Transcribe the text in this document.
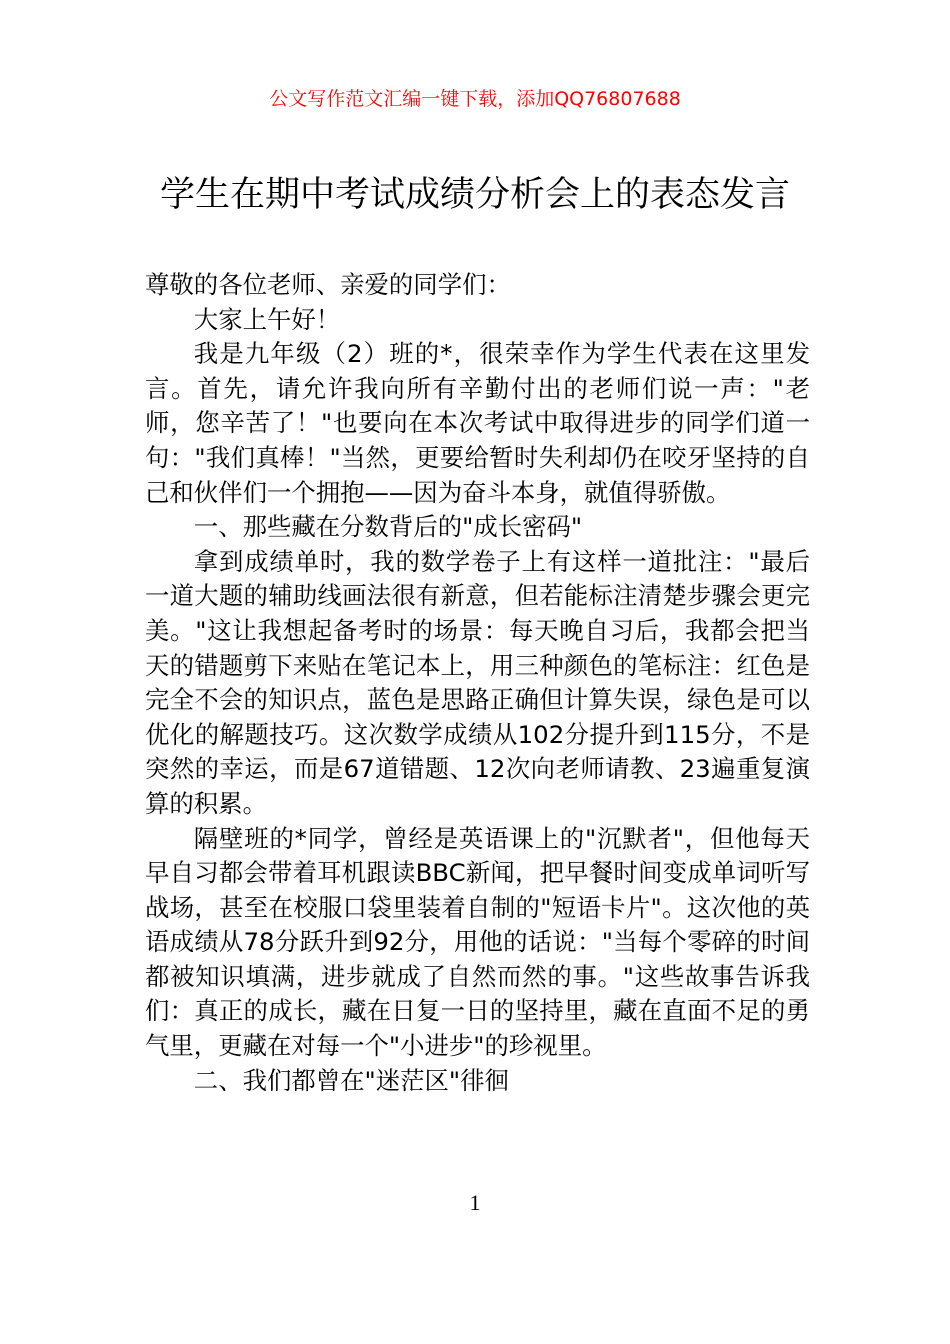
公文写作范文汇编一键下载，添加QQ76807688
学生在期中考试成绩分析会上的表态发言

尊敬的各位老师、亲爱的同学们：

大家上午好！

我是九年级（2）班的*，很荣幸作为学生代表在这里发言。首先，请允许我向所有辛勤付出的老师们说一声："老师，您辛苦了！"也要向在本次考试中取得进步的同学们道一句："我们真棒！"当然，更要给暂时失利却仍在咬牙坚持的自己和伙伴们一个拥抱——因为奋斗本身，就值得骄傲。

一、那些藏在分数背后的"成长密码"

拿到成绩单时，我的数学卷子上有这样一道批注："最后一道大题的辅助线画法很有新意，但若能标注清楚步骤会更完美。"这让我想起备考时的场景：每天晚自习后，我都会把当天的错题剪下来贴在笔记本上，用三种颜色的笔标注：红色是完全不会的知识点，蓝色是思路正确但计算失误，绿色是可以优化的解题技巧。这次数学成绩从102分提升到115分，不是突然的幸运，而是67道错题、12次向老师请教、23遍重复演算的积累。

隔壁班的*同学，曾经是英语课上的"沉默者"，但他每天早自习都会带着耳机跟读BBC新闻，把早餐时间变成单词听写战场，甚至在校服口袋里装着自制的"短语卡片"。这次他的英语成绩从78分跃升到92分，用他的话说："当每个零碎的时间都被知识填满，进步就成了自然而然的事。"这些故事告诉我们：真正的成长，藏在日复一日的坚持里，藏在直面不足的勇气里，更藏在对每一个"小进步"的珍视里。

二、我们都曾在"迷茫区"徘徊

1
